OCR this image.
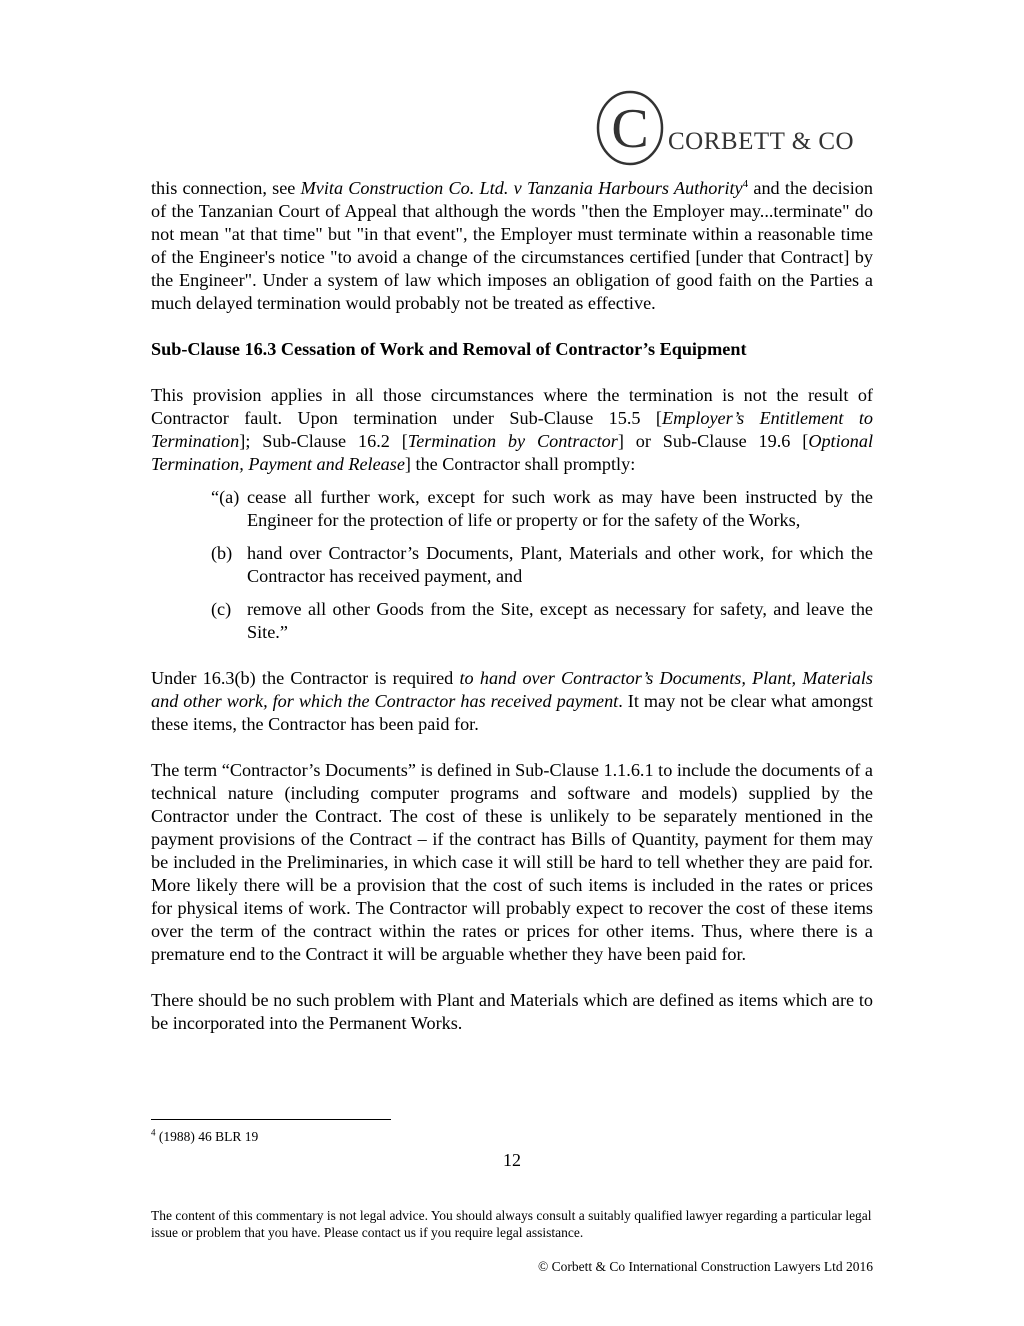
C CORBETT & CO

this connection, see Mvita Construction Co. Ltd. v Tanzania Harbours Authority$^4$ and the decision of the Tanzanian Court of Appeal that although the words "then the Employer may...terminate" do not mean "at that time" but "in that event", the Employer must terminate within a reasonable time of the Engineer's notice "to avoid a change of the circumstances certified [under that Contract] by the Engineer". Under a system of law which imposes an obligation of good faith on the Parties a much delayed termination would probably not be treated as effective.

Sub-Clause 16.3 Cessation of Work and Removal of Contractor’s Equipment

This provision applies in all those circumstances where the termination is not the result of Contractor fault. Upon termination under Sub-Clause 15.5 [Employer’s Entitlement to Termination]; Sub-Clause 16.2 [Termination by Contractor] or Sub-Clause 19.6 [Optional Termination, Payment and Release] the Contractor shall promptly:

“(a) cease all further work, except for such work as may have been instructed by the Engineer for the protection of life or property or for the safety of the Works,
(b) hand over Contractor’s Documents, Plant, Materials and other work, for which the Contractor has received payment, and
(c) remove all other Goods from the Site, except as necessary for safety, and leave the Site.”

Under 16.3(b) the Contractor is required to hand over Contractor’s Documents, Plant, Materials and other work, for which the Contractor has received payment. It may not be clear what amongst these items, the Contractor has been paid for.

The term “Contractor’s Documents” is defined in Sub-Clause 1.1.6.1 to include the documents of a technical nature (including computer programs and software and models) supplied by the Contractor under the Contract. The cost of these is unlikely to be separately mentioned in the payment provisions of the Contract – if the contract has Bills of Quantity, payment for them may be included in the Preliminaries, in which case it will still be hard to tell whether they are paid for. More likely there will be a provision that the cost of such items is included in the rates or prices for physical items of work. The Contractor will probably expect to recover the cost of these items over the term of the contract within the rates or prices for other items. Thus, where there is a premature end to the Contract it will be arguable whether they have been paid for.

There should be no such problem with Plant and Materials which are defined as items which are to be incorporated into the Permanent Works.

$^4$ (1988) 46 BLR 19
12
The content of this commentary is not legal advice. You should always consult a suitably qualified lawyer regarding a particular legal issue or problem that you have. Please contact us if you require legal assistance.
© Corbett & Co International Construction Lawyers Ltd 2016
